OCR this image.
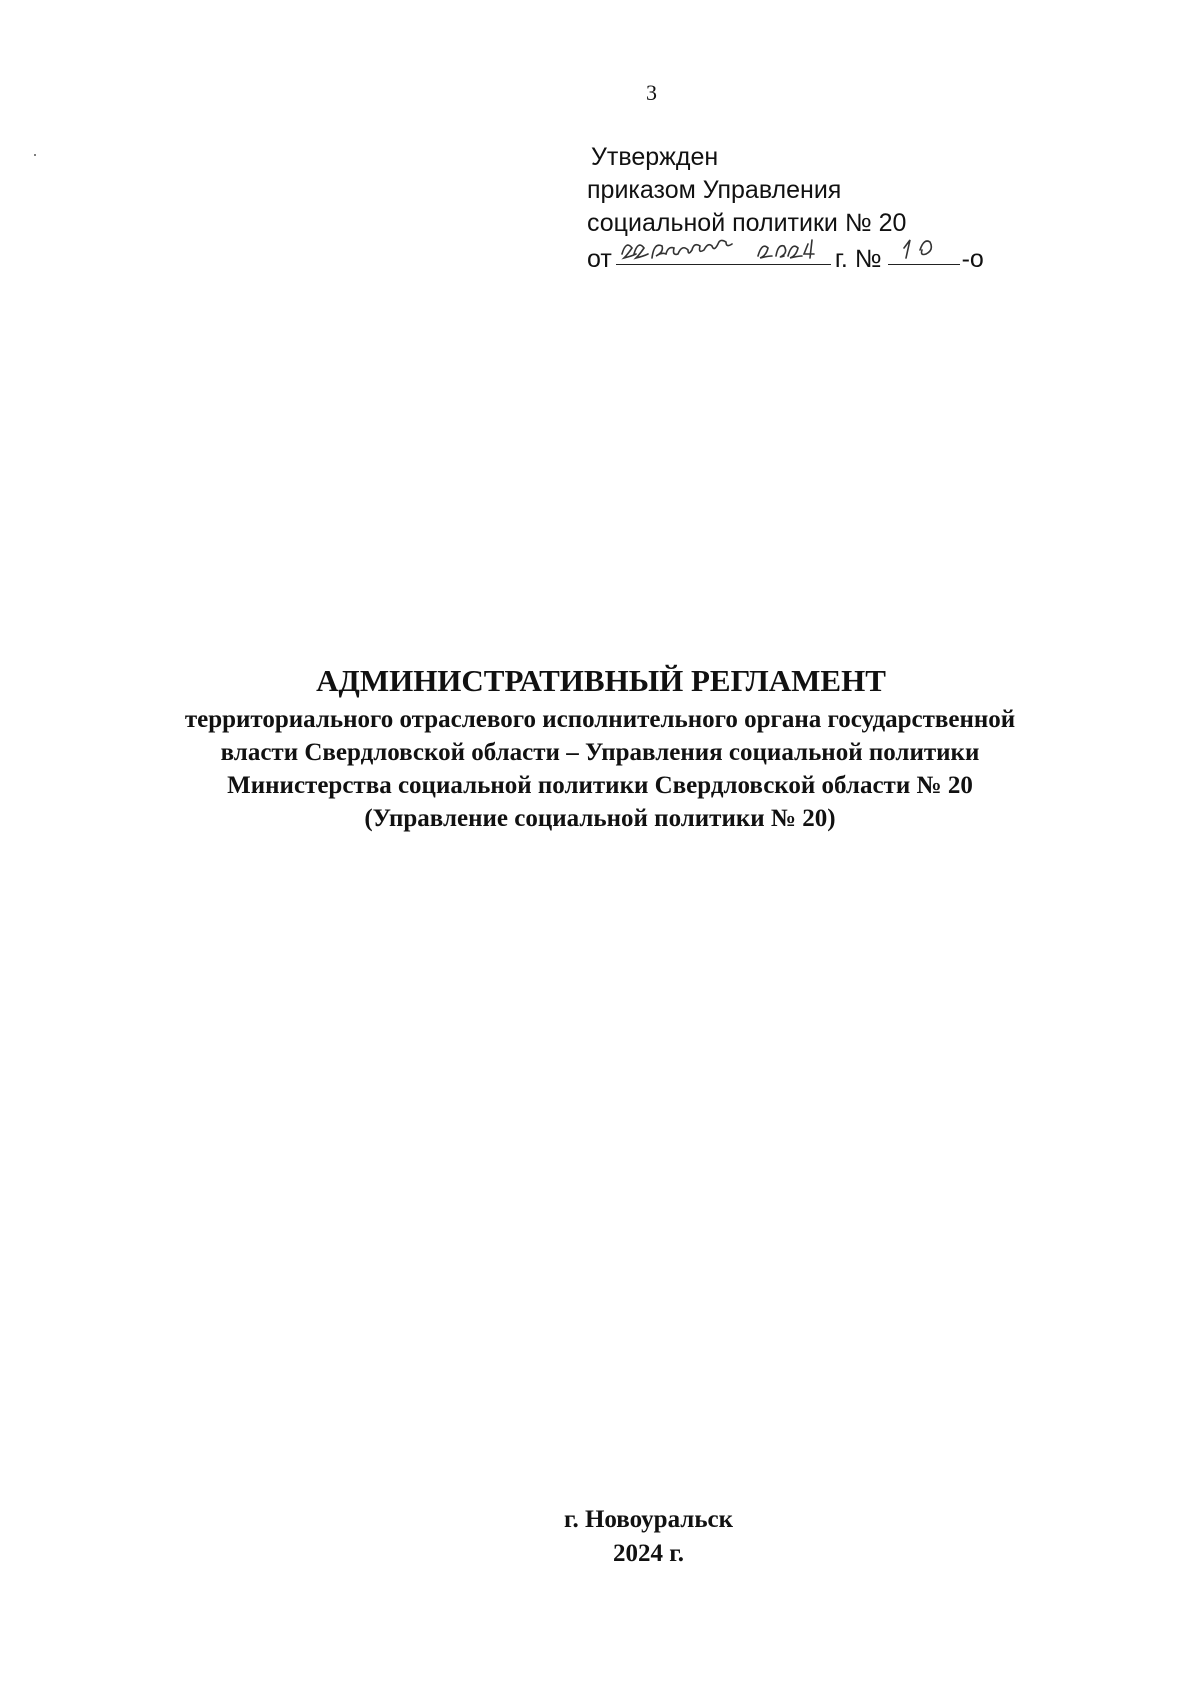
3
Утвержден
приказом Управления
социальной политики № 20
от	г. №	-о
АДМИНИСТРАТИВНЫЙ РЕГЛАМЕНТ
территориального отраслевого исполнительного органа государственной
власти Свердловской области – Управления социальной политики
Министерства социальной политики Свердловской области № 20
(Управление социальной политики № 20)
г. Новоуральск
2024 г.
